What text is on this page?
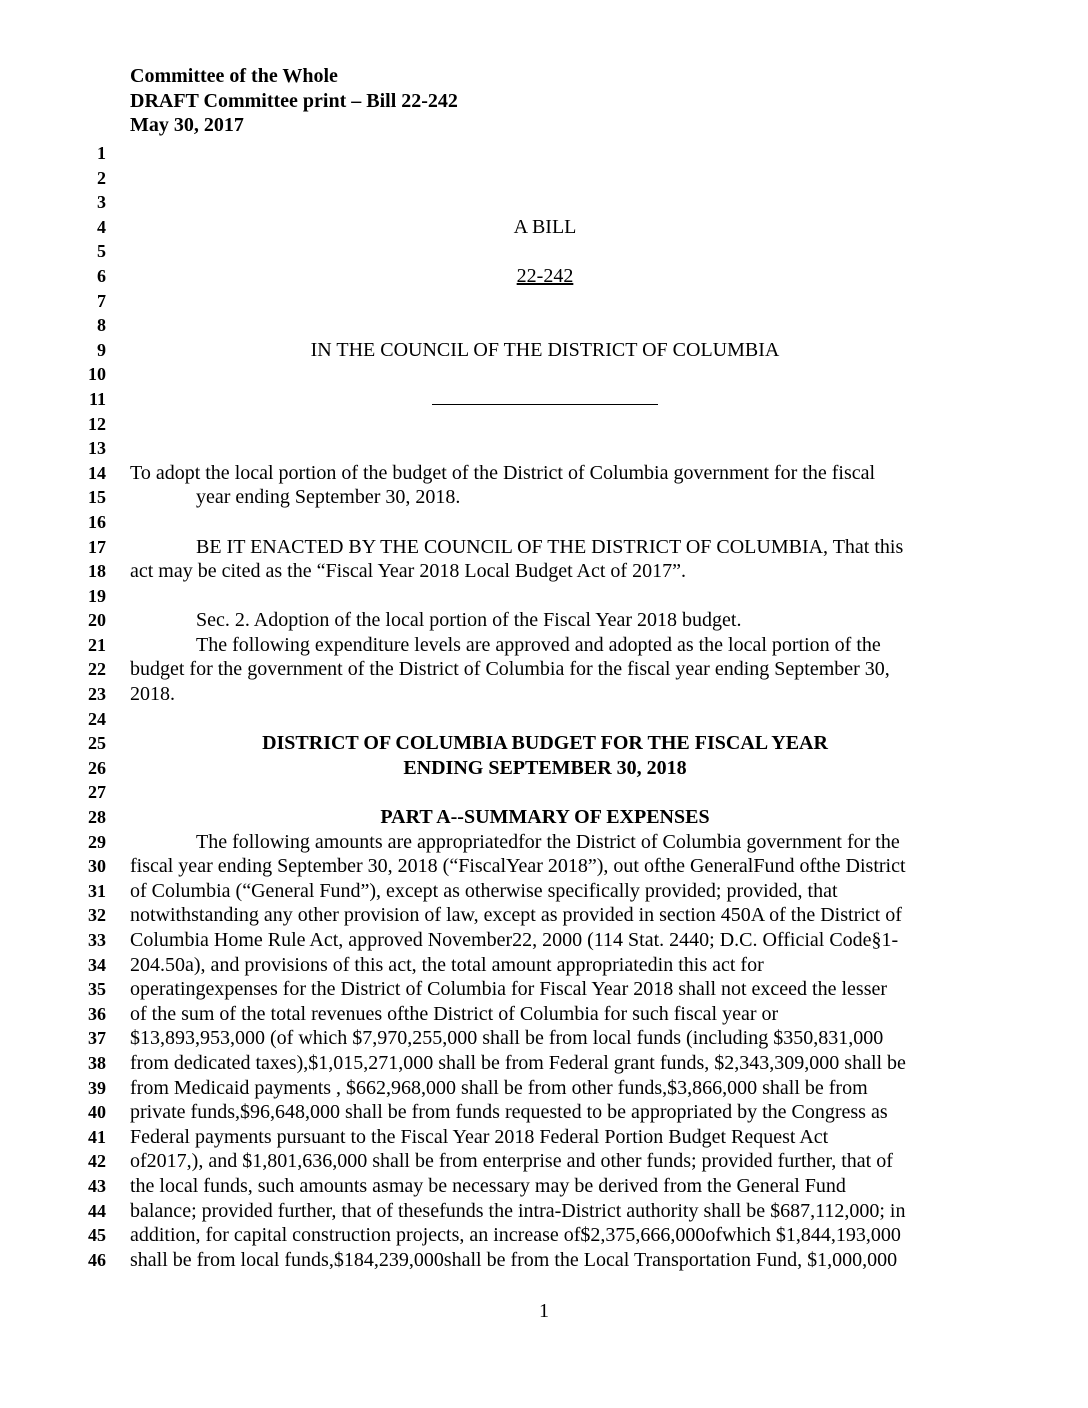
Committee of the Whole
DRAFT Committee print – Bill 22-242
May 30, 2017
1
2
3
4
5
6
7
8
9
10
11
12
13
14
15
16
17
18
19
20
21
22
23
24
25
26
27
28
29
30
31
32
33
34
35
36
37
38
39
40
41
42
43
44
45
46
A BILL
22-242
IN THE COUNCIL OF THE DISTRICT OF COLUMBIA
To adopt the local portion of the budget of the District of Columbia government for the fiscal
year ending September 30, 2018.
BE IT ENACTED BY THE COUNCIL OF THE DISTRICT OF COLUMBIA, That this
act may be cited as the “Fiscal Year 2018 Local Budget Act of 2017”.
Sec. 2. Adoption of the local portion of the Fiscal Year 2018 budget.
The following expenditure levels are approved and adopted as the local portion of the
budget for the government of the District of Columbia for the fiscal year ending September 30,
2018.
DISTRICT OF COLUMBIA BUDGET FOR THE FISCAL YEAR
ENDING SEPTEMBER 30, 2018
PART A--SUMMARY OF EXPENSES
The following amounts are appropriatedfor the District of Columbia government for the
fiscal year ending September 30, 2018 (“FiscalYear 2018”), out ofthe GeneralFund ofthe District
of Columbia (“General Fund”), except as otherwise specifically provided; provided, that
notwithstanding any other provision of law, except as provided in section 450A of the District of
Columbia Home Rule Act, approved November22, 2000 (114 Stat. 2440; D.C. Official Code§1-
204.50a), and provisions of this act, the total amount appropriatedin this act for
operatingexpenses for the District of Columbia for Fiscal Year 2018 shall not exceed the lesser
of the sum of the total revenues ofthe District of Columbia for such fiscal year or
$13,893,953,000 (of which $7,970,255,000 shall be from local funds (including $350,831,000
from dedicated taxes),$1,015,271,000 shall be from Federal grant funds, $2,343,309,000 shall be
from Medicaid payments , $662,968,000 shall be from other funds,$3,866,000 shall be from
private funds,$96,648,000 shall be from funds requested to be appropriated by the Congress as
Federal payments pursuant to the Fiscal Year 2018 Federal Portion Budget Request Act
of2017,), and $1,801,636,000 shall be from enterprise and other funds; provided further, that of
the local funds, such amounts asmay be necessary may be derived from the General Fund
balance; provided further, that of thesefunds the intra-District authority shall be $687,112,000; in
addition, for capital construction projects, an increase of$2,375,666,000ofwhich $1,844,193,000
shall be from local funds,$184,239,000shall be from the Local Transportation Fund, $1,000,000
1
